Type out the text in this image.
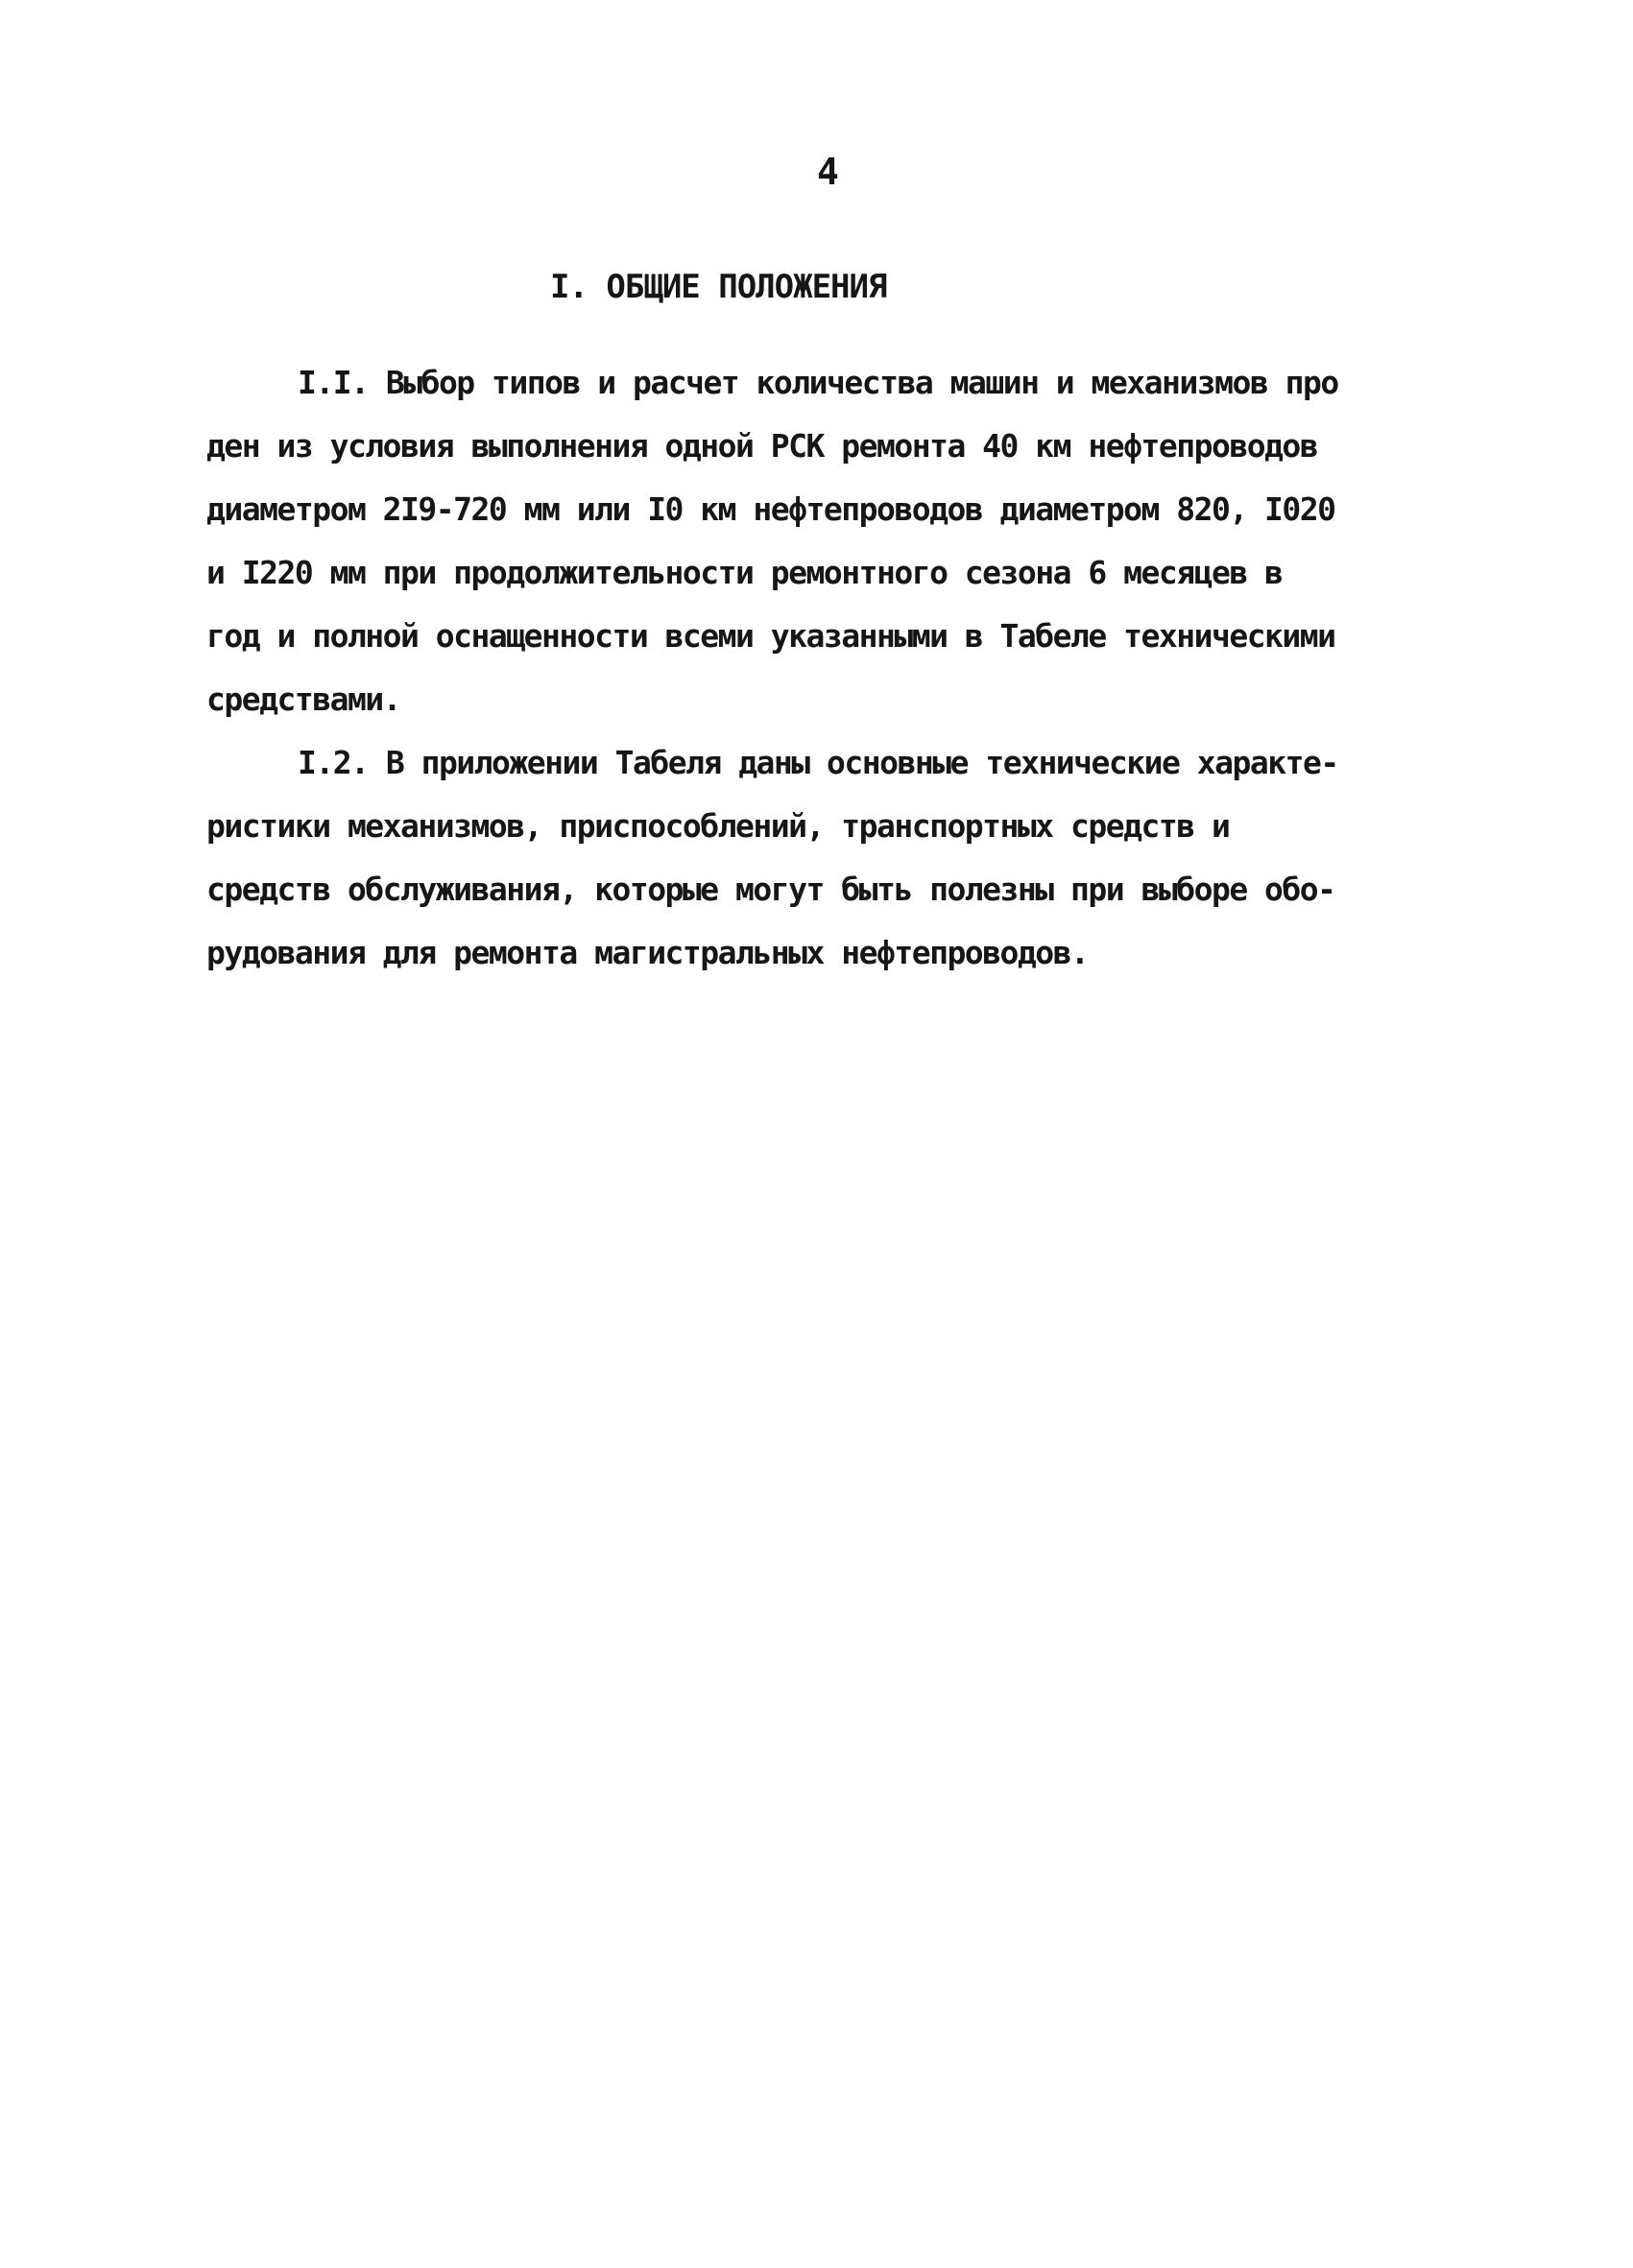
4
I. ОБЩИЕ ПОЛОЖЕНИЯ

I.I. Выбор типов и расчет количества машин и механизмов про

ден из условия выполнения одной РСК ремонта 40 км нефтепроводов

диаметром 2I9-720 мм или I0 км нефтепроводов диаметром 820, I020

и I220 мм при продолжительности ремонтного сезона 6 месяцев в

год и полной оснащенности всеми указанными в Табеле техническими

средствами.

I.2. В приложении Табеля даны основные технические характе-

ристики механизмов, приспособлений, транспортных средств и

средств обслуживания, которые могут быть полезны при выборе обо-

рудования для ремонта магистральных нефтепроводов.
